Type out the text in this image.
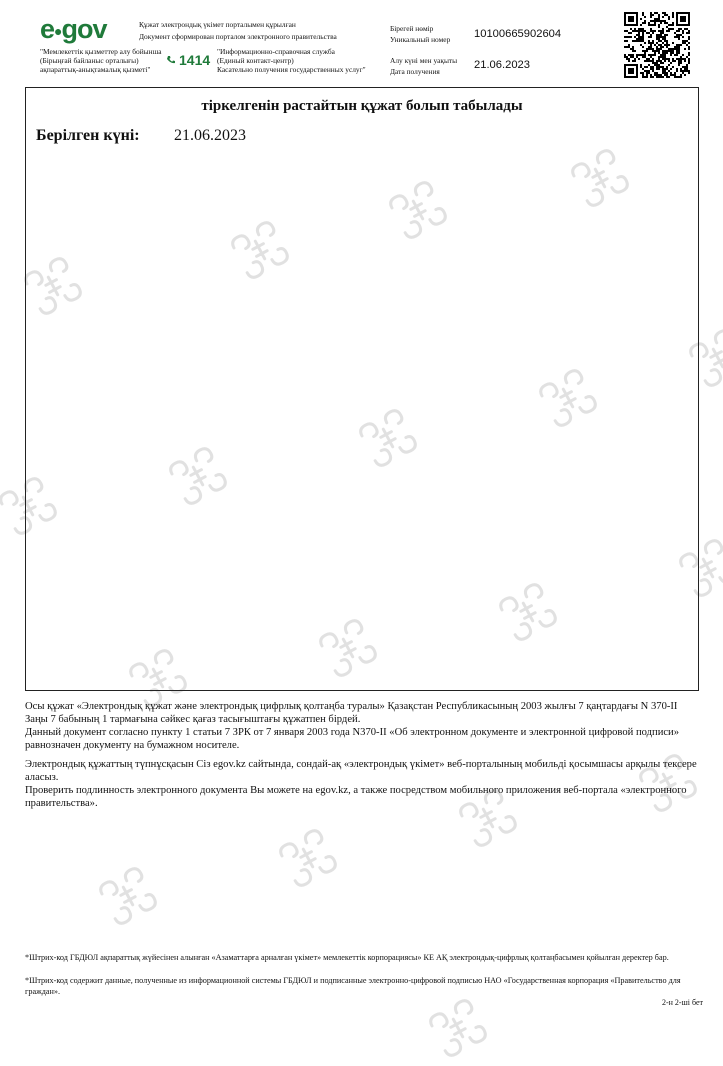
e●gov	Құжат электрондық үкімет порталымен құрылған
Документ сформирован порталом электронного правительства
"Мемлекеттік қызметтер алу бойынша
(Бірыңғай байланыс орталығы)
ақпараттық-анықтамалық қызметі"
1414
"Информационно-справочная служба
(Единый контакт-центр)
Касательно получения государственных услуг"
Бірегей нөмір
Уникальный номер 10100665902604
Алу күні мен уақыты
Дата получения
21.06.2023
тіркелгенін растайтын құжат болып табылады
Берілген күні: 21.06.2023
Осы құжат «Электрондық құжат және электрондық цифрлық қолтаңба туралы» Қазақстан Республикасының 2003 жылғы 7 қаңтардағы N 370-II Заңы 7 бабының 1 тармағына сәйкес қағаз тасығыштағы құжатпен бірдей.
Данный документ согласно пункту 1 статьи 7 ЗРК от 7 января 2003 года N370-II «Об электронном документе и электронной цифровой подписи» равнозначен документу на бумажном носителе.
Электрондық құжаттың түпнұсқасын Сіз egov.kz сайтында, сондай-ақ «электрондық үкімет» веб-порталының мобильді қосымшасы арқылы тексере аласыз.
Проверить подлинность электронного документа Вы можете на egov.kz, а также посредством мобильного приложения веб-портала «электронного правительства».
*Штрих-код ГБДЮЛ ақпараттық жүйесінен алынған «Азаматтарға арналған үкімет» мемлекеттік корпорациясы» КЕ АҚ электрондық-цифрлық қолтаңбасымен қойылған деректер бар.
*Штрих-код содержит данные, полученные из информационной системы ГБДЮЛ и подписанные электронно-цифровой подписью НАО «Государственная корпорация «Правительство для граждан».
2-н 2-ші бет
